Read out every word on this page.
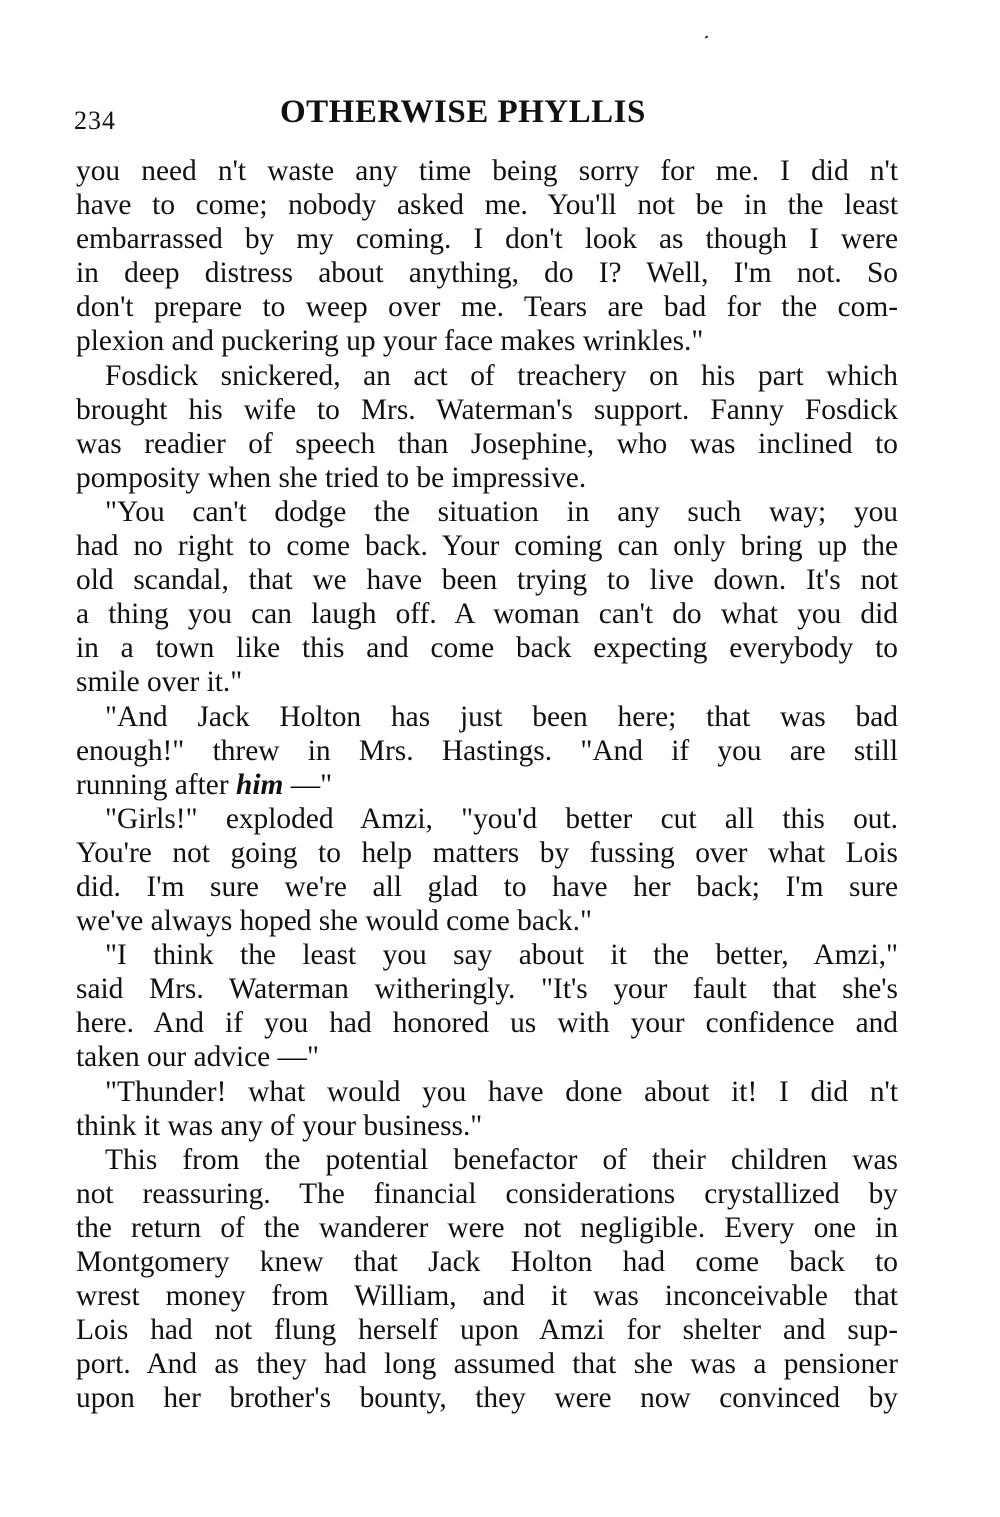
234	OTHERWISE PHYLLIS
you need n't waste any time being sorry for me. I did n't
have to come; nobody asked me. You'll not be in the least
embarrassed by my coming. I don't look as though I were
in deep distress about anything, do I? Well, I'm not. So
don't prepare to weep over me. Tears are bad for the com-
plexion and puckering up your face makes wrinkles."
Fosdick snickered, an act of treachery on his part which
brought his wife to Mrs. Waterman's support. Fanny Fosdick
was readier of speech than Josephine, who was inclined to
pomposity when she tried to be impressive.
"You can't dodge the situation in any such way; you
had no right to come back. Your coming can only bring up the
old scandal, that we have been trying to live down. It's not
a thing you can laugh off. A woman can't do what you did
in a town like this and come back expecting everybody to
smile over it."
"And Jack Holton has just been here; that was bad
enough!" threw in Mrs. Hastings. "And if you are still
running after him —"
"Girls!" exploded Amzi, "you'd better cut all this out.
You're not going to help matters by fussing over what Lois
did. I'm sure we're all glad to have her back; I'm sure
we've always hoped she would come back."
"I think the least you say about it the better, Amzi,"
said Mrs. Waterman witheringly. "It's your fault that she's
here. And if you had honored us with your confidence and
taken our advice —"
"Thunder! what would you have done about it! I did n't
think it was any of your business."
This from the potential benefactor of their children was
not reassuring. The financial considerations crystallized by
the return of the wanderer were not negligible. Every one in
Montgomery knew that Jack Holton had come back to
wrest money from William, and it was inconceivable that
Lois had not flung herself upon Amzi for shelter and sup-
port. And as they had long assumed that she was a pensioner
upon her brother's bounty, they were now convinced by
